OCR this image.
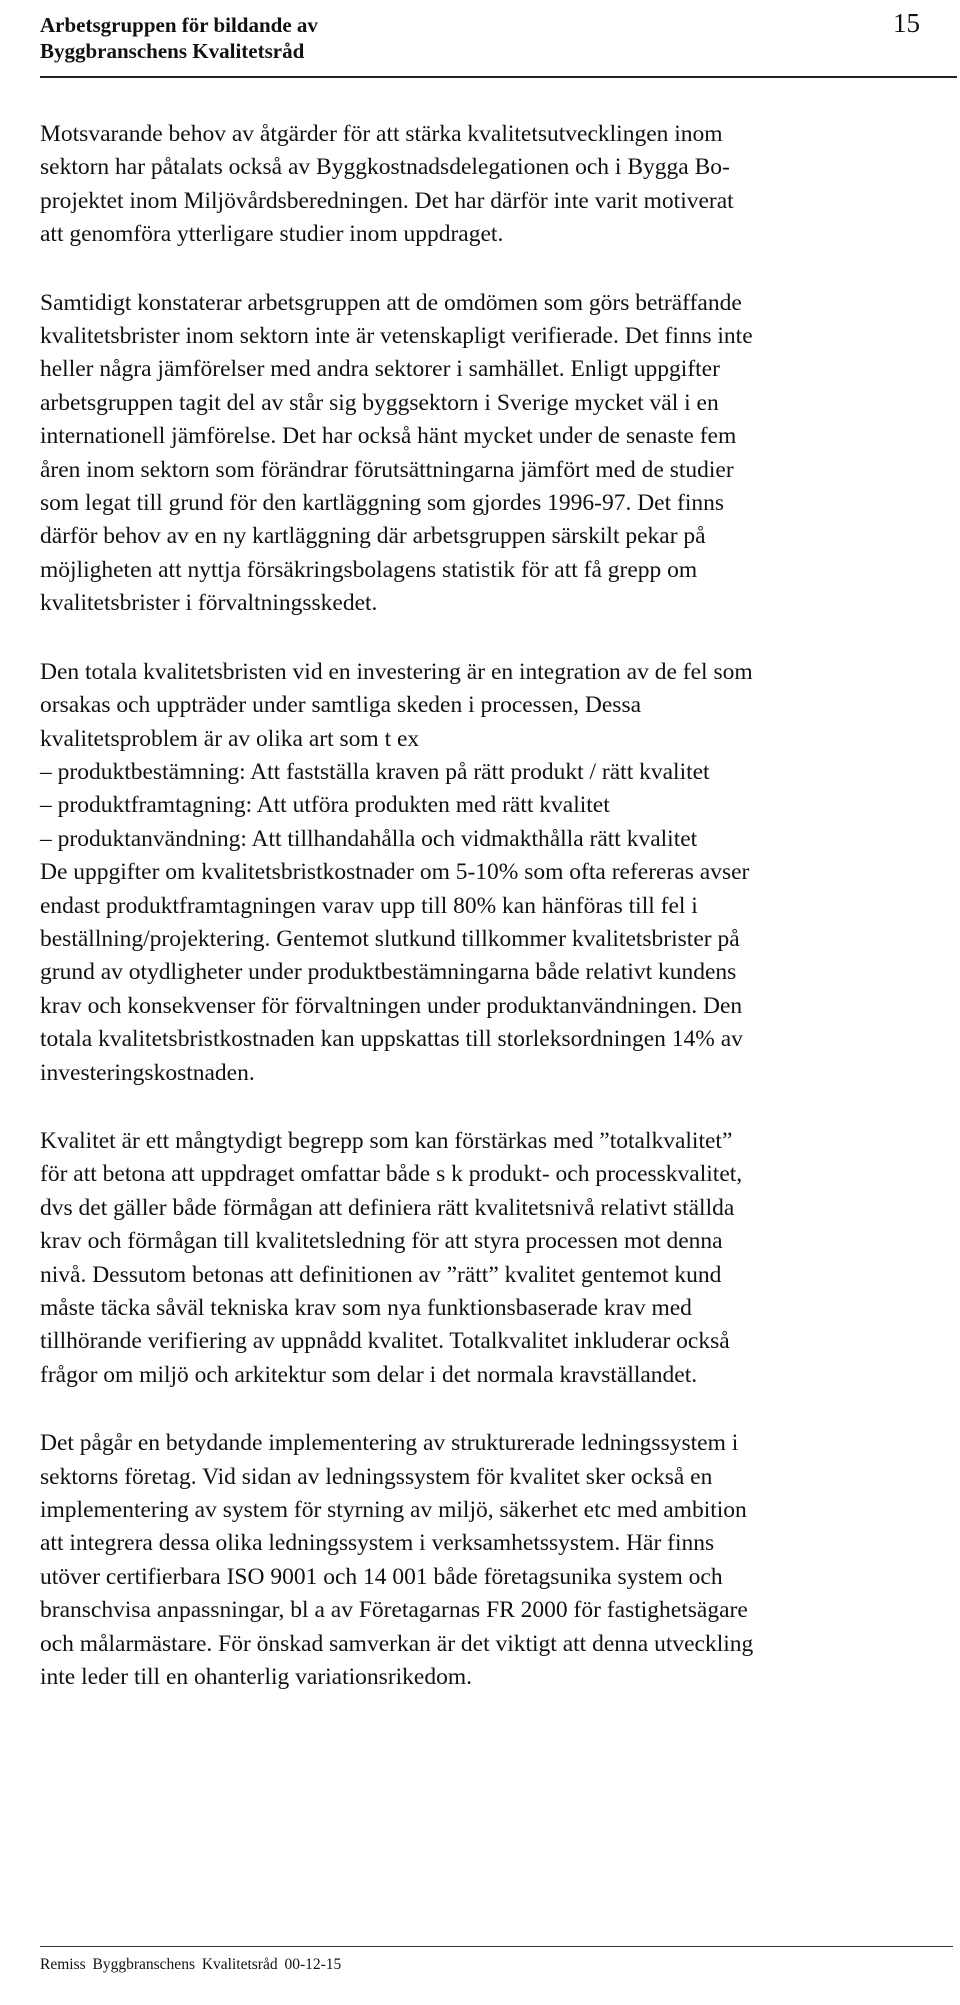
Arbetsgruppen för bildande av
Byggbranschens Kvalitetsråd
15

Motsvarande behov av åtgärder för att stärka kvalitetsutvecklingen inom
sektorn har påtalats också av Byggkostnadsdelegationen och i Bygga Bo-
projektet inom Miljövårdsberedningen. Det har därför inte varit motiverat
att genomföra ytterligare studier inom uppdraget.

Samtidigt konstaterar arbetsgruppen att de omdömen som görs beträffande
kvalitetsbrister inom sektorn inte är vetenskapligt verifierade. Det finns inte
heller några jämförelser med andra sektorer i samhället. Enligt uppgifter
arbetsgruppen tagit del av står sig byggsektorn i Sverige mycket väl i en
internationell jämförelse. Det har också hänt mycket under de senaste fem
åren inom sektorn som förändrar förutsättningarna jämfört med de studier
som legat till grund för den kartläggning som gjordes 1996-97. Det finns
därför behov av en ny kartläggning där arbetsgruppen särskilt pekar på
möjligheten att nyttja försäkringsbolagens statistik för att få grepp om
kvalitetsbrister i förvaltningsskedet.

Den totala kvalitetsbristen vid en investering är en integration av de fel som
orsakas och uppträder under samtliga skeden i processen, Dessa
kvalitetsproblem är av olika art som t ex
– produktbestämning: Att fastställa kraven på rätt produkt / rätt kvalitet
– produktframtagning: Att utföra produkten med rätt kvalitet
– produktanvändning: Att tillhandahålla och vidmakthålla rätt kvalitet
De uppgifter om kvalitetsbristkostnader om 5-10% som ofta refereras avser
endast produktframtagningen varav upp till 80% kan hänföras till fel i
beställning/projektering. Gentemot slutkund tillkommer kvalitetsbrister på
grund av otydligheter under produktbestämningarna både relativt kundens
krav och konsekvenser för förvaltningen under produktanvändningen. Den
totala kvalitetsbristkostnaden kan uppskattas till storleksordningen 14% av
investeringskostnaden.

Kvalitet är ett mångtydigt begrepp som kan förstärkas med ”totalkvalitet”
för att betona att uppdraget omfattar både s k produkt- och processkvalitet,
dvs det gäller både förmågan att definiera rätt kvalitetsnivå relativt ställda
krav och förmågan till kvalitetsledning för att styra processen mot denna
nivå. Dessutom betonas att definitionen av ”rätt” kvalitet gentemot kund
måste täcka såväl tekniska krav som nya funktionsbaserade krav med
tillhörande verifiering av uppnådd kvalitet. Totalkvalitet inkluderar också
frågor om miljö och arkitektur som delar i det normala kravställandet.

Det pågår en betydande implementering av strukturerade ledningssystem i
sektorns företag. Vid sidan av ledningssystem för kvalitet sker också en
implementering av system för styrning av miljö, säkerhet etc med ambition
att integrera dessa olika ledningssystem i verksamhetssystem. Här finns
utöver certifierbara ISO 9001 och 14 001 både företagsunika system och
branschvisa anpassningar, bl a av Företagarnas FR 2000 för fastighetsägare
och målarmästare. För önskad samverkan är det viktigt att denna utveckling
inte leder till en ohanterlig variationsrikedom.

Remiss Byggbranschens Kvalitetsråd 00-12-15
